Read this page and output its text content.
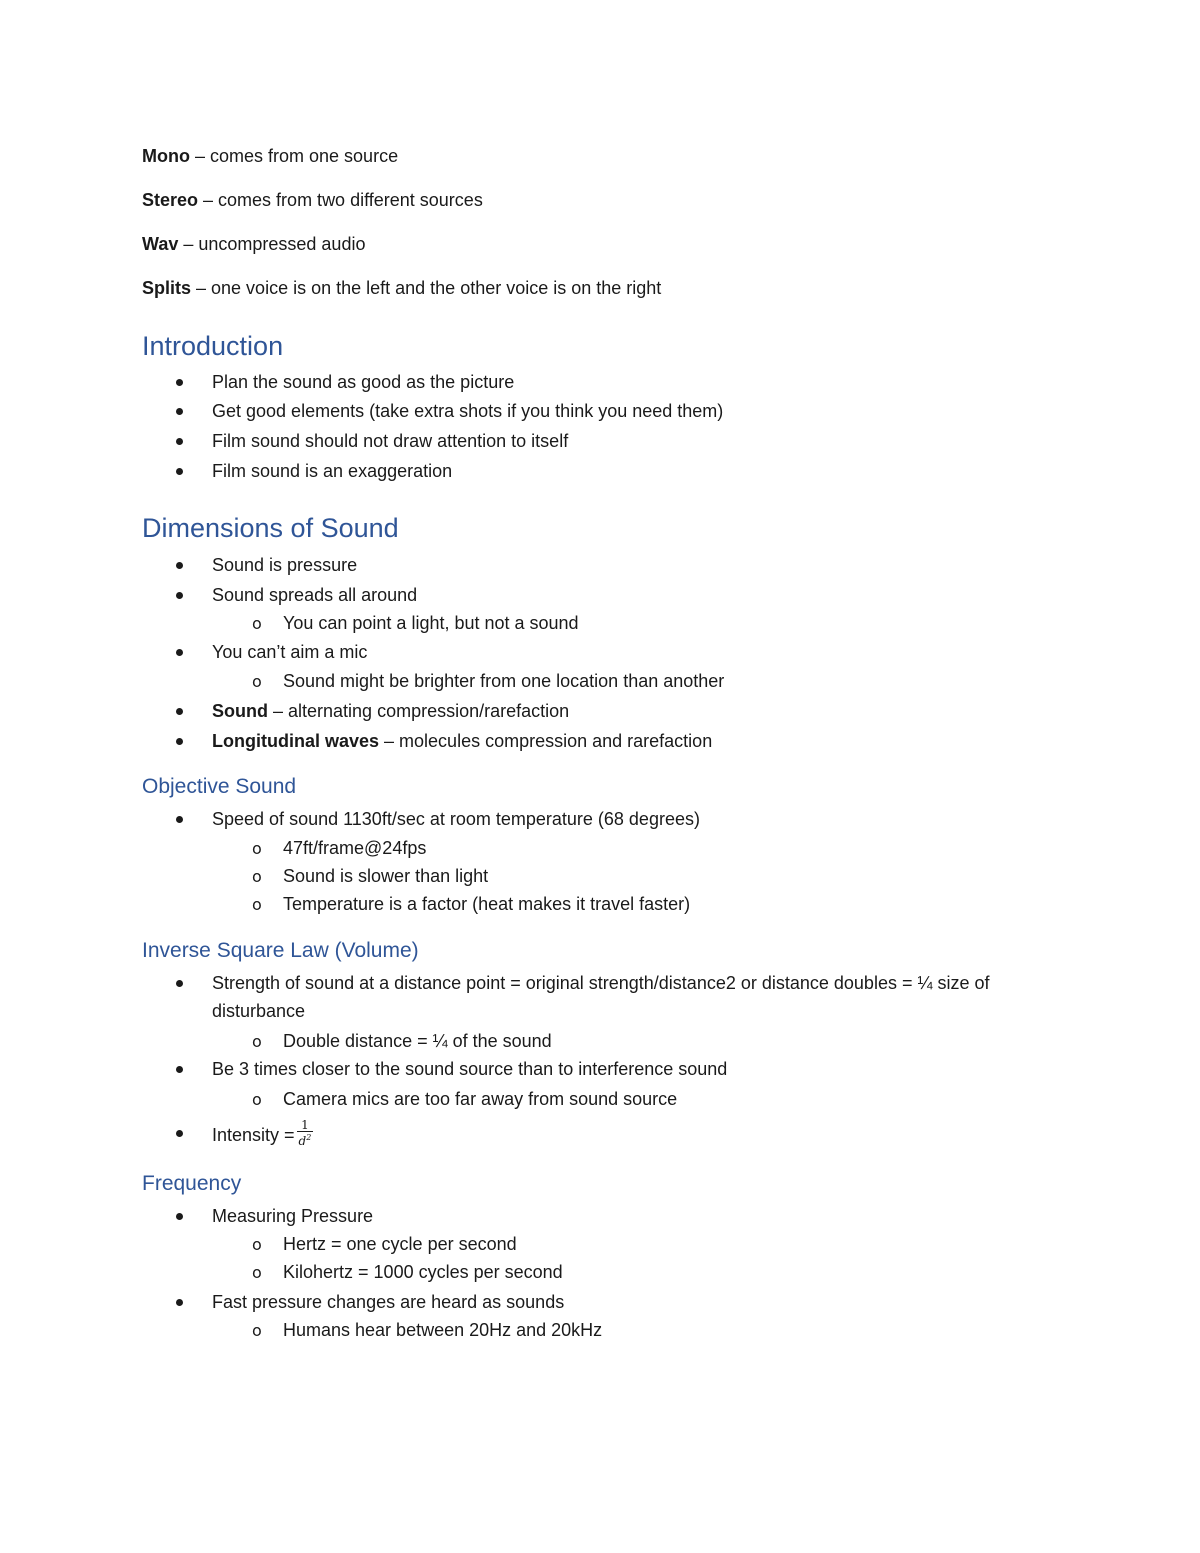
Mono – comes from one source
Stereo – comes from two different sources
Wav – uncompressed audio
Splits – one voice is on the left and the other voice is on the right
Introduction
Plan the sound as good as the picture
Get good elements (take extra shots if you think you need them)
Film sound should not draw attention to itself
Film sound is an exaggeration
Dimensions of Sound
Sound is pressure
Sound spreads all around
o You can point a light, but not a sound
You can’t aim a mic
o Sound might be brighter from one location than another
Sound – alternating compression/rarefaction
Longitudinal waves – molecules compression and rarefaction
Objective Sound
Speed of sound 1130ft/sec at room temperature (68 degrees)
o 47ft/frame@24fps
o Sound is slower than light
o Temperature is a factor (heat makes it travel faster)
Inverse Square Law (Volume)
Strength of sound at a distance point = original strength/distance2 or distance doubles = ¼ size of disturbance
o Double distance = ¼ of the sound
Be 3 times closer to the sound source than to interference sound
o Camera mics are too far away from sound source
Intensity = $\frac{1}{d^2}$
Frequency
Measuring Pressure
o Hertz = one cycle per second
o Kilohertz = 1000 cycles per second
Fast pressure changes are heard as sounds
o Humans hear between 20Hz and 20kHz
